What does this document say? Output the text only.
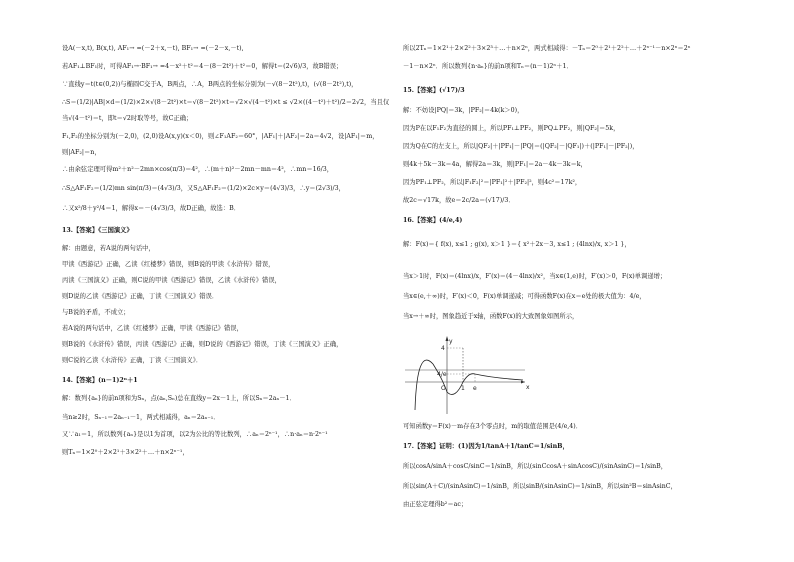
设A(－x,t), B(x,t), AF₁→ =(－2＋x,－t), BF₁→ =(－2－x,－t),
若AF₁⊥BF₁时，可得AF₁→·BF₁→ =4－x²＋t²＝4－(8－2t²)＋t²＝0，解得t＝(2√6)/3，故B错误；
∵直线y＝t(t∈(0,2))与椭圆C交于A，B两点，∴A，B两点的坐标分别为(－√(8－2t²),t)，(√(8－2t²),t)，
∴S＝(1/2)|AB|×d＝(1/2)×2×√(8－2t²)×t＝√(8－2t²)×t＝√2×√(4－t²)×t ≤ √2×((4－t²)＋t²)/2＝2√2，当且仅
当√(4－t²)＝t，即t＝√2时取等号，故C正确；
F₁,F₂的坐标分别为(－2,0)，(2,0)设A(x,y)(x＜0)，则∠F₁AF₂＝60°，|AF₁|＋|AF₂|＝2a＝4√2，设|AF₁|＝m，
则|AF₂|＝n，
∴由余弦定理可得m²＋n²－2mn×cos(π/3)＝4²，∴(m＋n)²－2mn－mn＝4²，∴mn＝16/3，
∴S△AF₁F₂＝(1/2)mn sin(π/3)＝(4√3)/3，又S△AF₁F₂＝(1/2)×2c×y＝(4√3)/3，∴y＝(2√3)/3，
∴又x²/8＋y²/4＝1，解得x＝－(4√3)/3，故D正确，故选：B．
13.【答案】《三国演义》
解：由题意，若A说的两句话中，
甲读《西游记》正确，乙读《红楼梦》错误，则B说的甲读《水浒传》错误，
丙读《三国演义》正确，则C说的甲读《西游记》错误，乙读《水浒传》错误，
则D说的乙读《西游记》正确，丁读《三国演义》错误．
与B说的矛盾，不成立；
若A说的两句话中，乙读《红楼梦》正确，甲读《西游记》错误，
则B说的《水浒传》错误，丙读《西游记》正确，则D说的《西游记》错误，丁读《三国演义》正确，
则C说的乙读《水浒传》正确，丁读《三国演义》．
14.【答案】(n－1)2ⁿ＋1
解：数列{aₙ}的前n项和为Sₙ，点(aₙ,Sₙ)总在直线y＝2x－1上，所以Sₙ＝2aₙ－1．
当n≥2时，Sₙ₋₁＝2aₙ₋₁－1，两式相减得，aₙ＝2aₙ₋₁．
又∵a₁＝1，所以数列{aₙ}是以1为首项，以2为公比的等比数列，∴aₙ＝2ⁿ⁻¹，∴n·aₙ＝n·2ⁿ⁻¹
则Tₙ＝1×2⁰＋2×2¹＋3×2²＋…＋n×2ⁿ⁻¹，
所以2Tₙ＝1×2¹＋2×2²＋3×2³＋…＋n×2ⁿ，两式相减得：－Tₙ＝2⁰＋2¹＋2²＋…＋2ⁿ⁻¹－n×2ⁿ＝2ⁿ
－1－n×2ⁿ．所以数列{n·aₙ}的前n项和Tₙ＝(n－1)2ⁿ＋1．
15.【答案】(√17)/3
解：不妨设|PQ|＝3k，|PF₂|＝4k(k＞0)，
因为P在以F₁F₂为直径的圆上，所以PF₁⊥PF₂，则PQ⊥PF₂，则|QF₂|＝5k，
因为Q在C的左支上，所以|QF₂|＋|PF₁|－|PQ|＝(|QF₂|－|QF₁|)＋(|PF₁|－|PF₂|)，
则4k＋5k－3k＝4a，解得2a＝3k，则|PF₁|＝2a－4k－3k＝k，
因为PF₁⊥PF₂，所以|F₁F₂|²＝|PF₁|²＋|PF₂|²，则4c²＝17k²，
故2c＝√17k，故e＝2c/2a＝(√17)/3．
16.【答案】(4/e,4)
解：F(x)＝{ f(x), x≤1 ; g(x), x＞1 }＝{ x²＋2x－3, x≤1 ; (4lnx)/x, x＞1 }，
当x＞1时，F(x)＝(4lnx)/x，F′(x)＝(4－4lnx)/x²，当x∈(1,e)时，F′(x)＞0，F(x)单调递增；
当x∈(e,＋∞)时，F′(x)＜0，F(x)单调递减；可得函数F(x)在x＝e处的极大值为：4/e，
当x→＋∞时，图象趋近于x轴，函数F(x)的大致图象如图所示，
y
x
O	1 e
4
4/e
可知函数y＝F(x)－m存在3个零点时，m的取值范围是(4/e,4)．
17.【答案】证明：(1)因为1/tanA＋1/tanC＝1/sinB，
所以cosA/sinA＋cosC/sinC＝1/sinB，所以(sinCcosA＋sinAcosC)/(sinAsinC)＝1/sinB，
所以sin(A＋C)/(sinAsinC)＝1/sinB，所以sinB/(sinAsinC)＝1/sinB，所以sin²B＝sinAsinC，
由正弦定理得b²＝ac；
